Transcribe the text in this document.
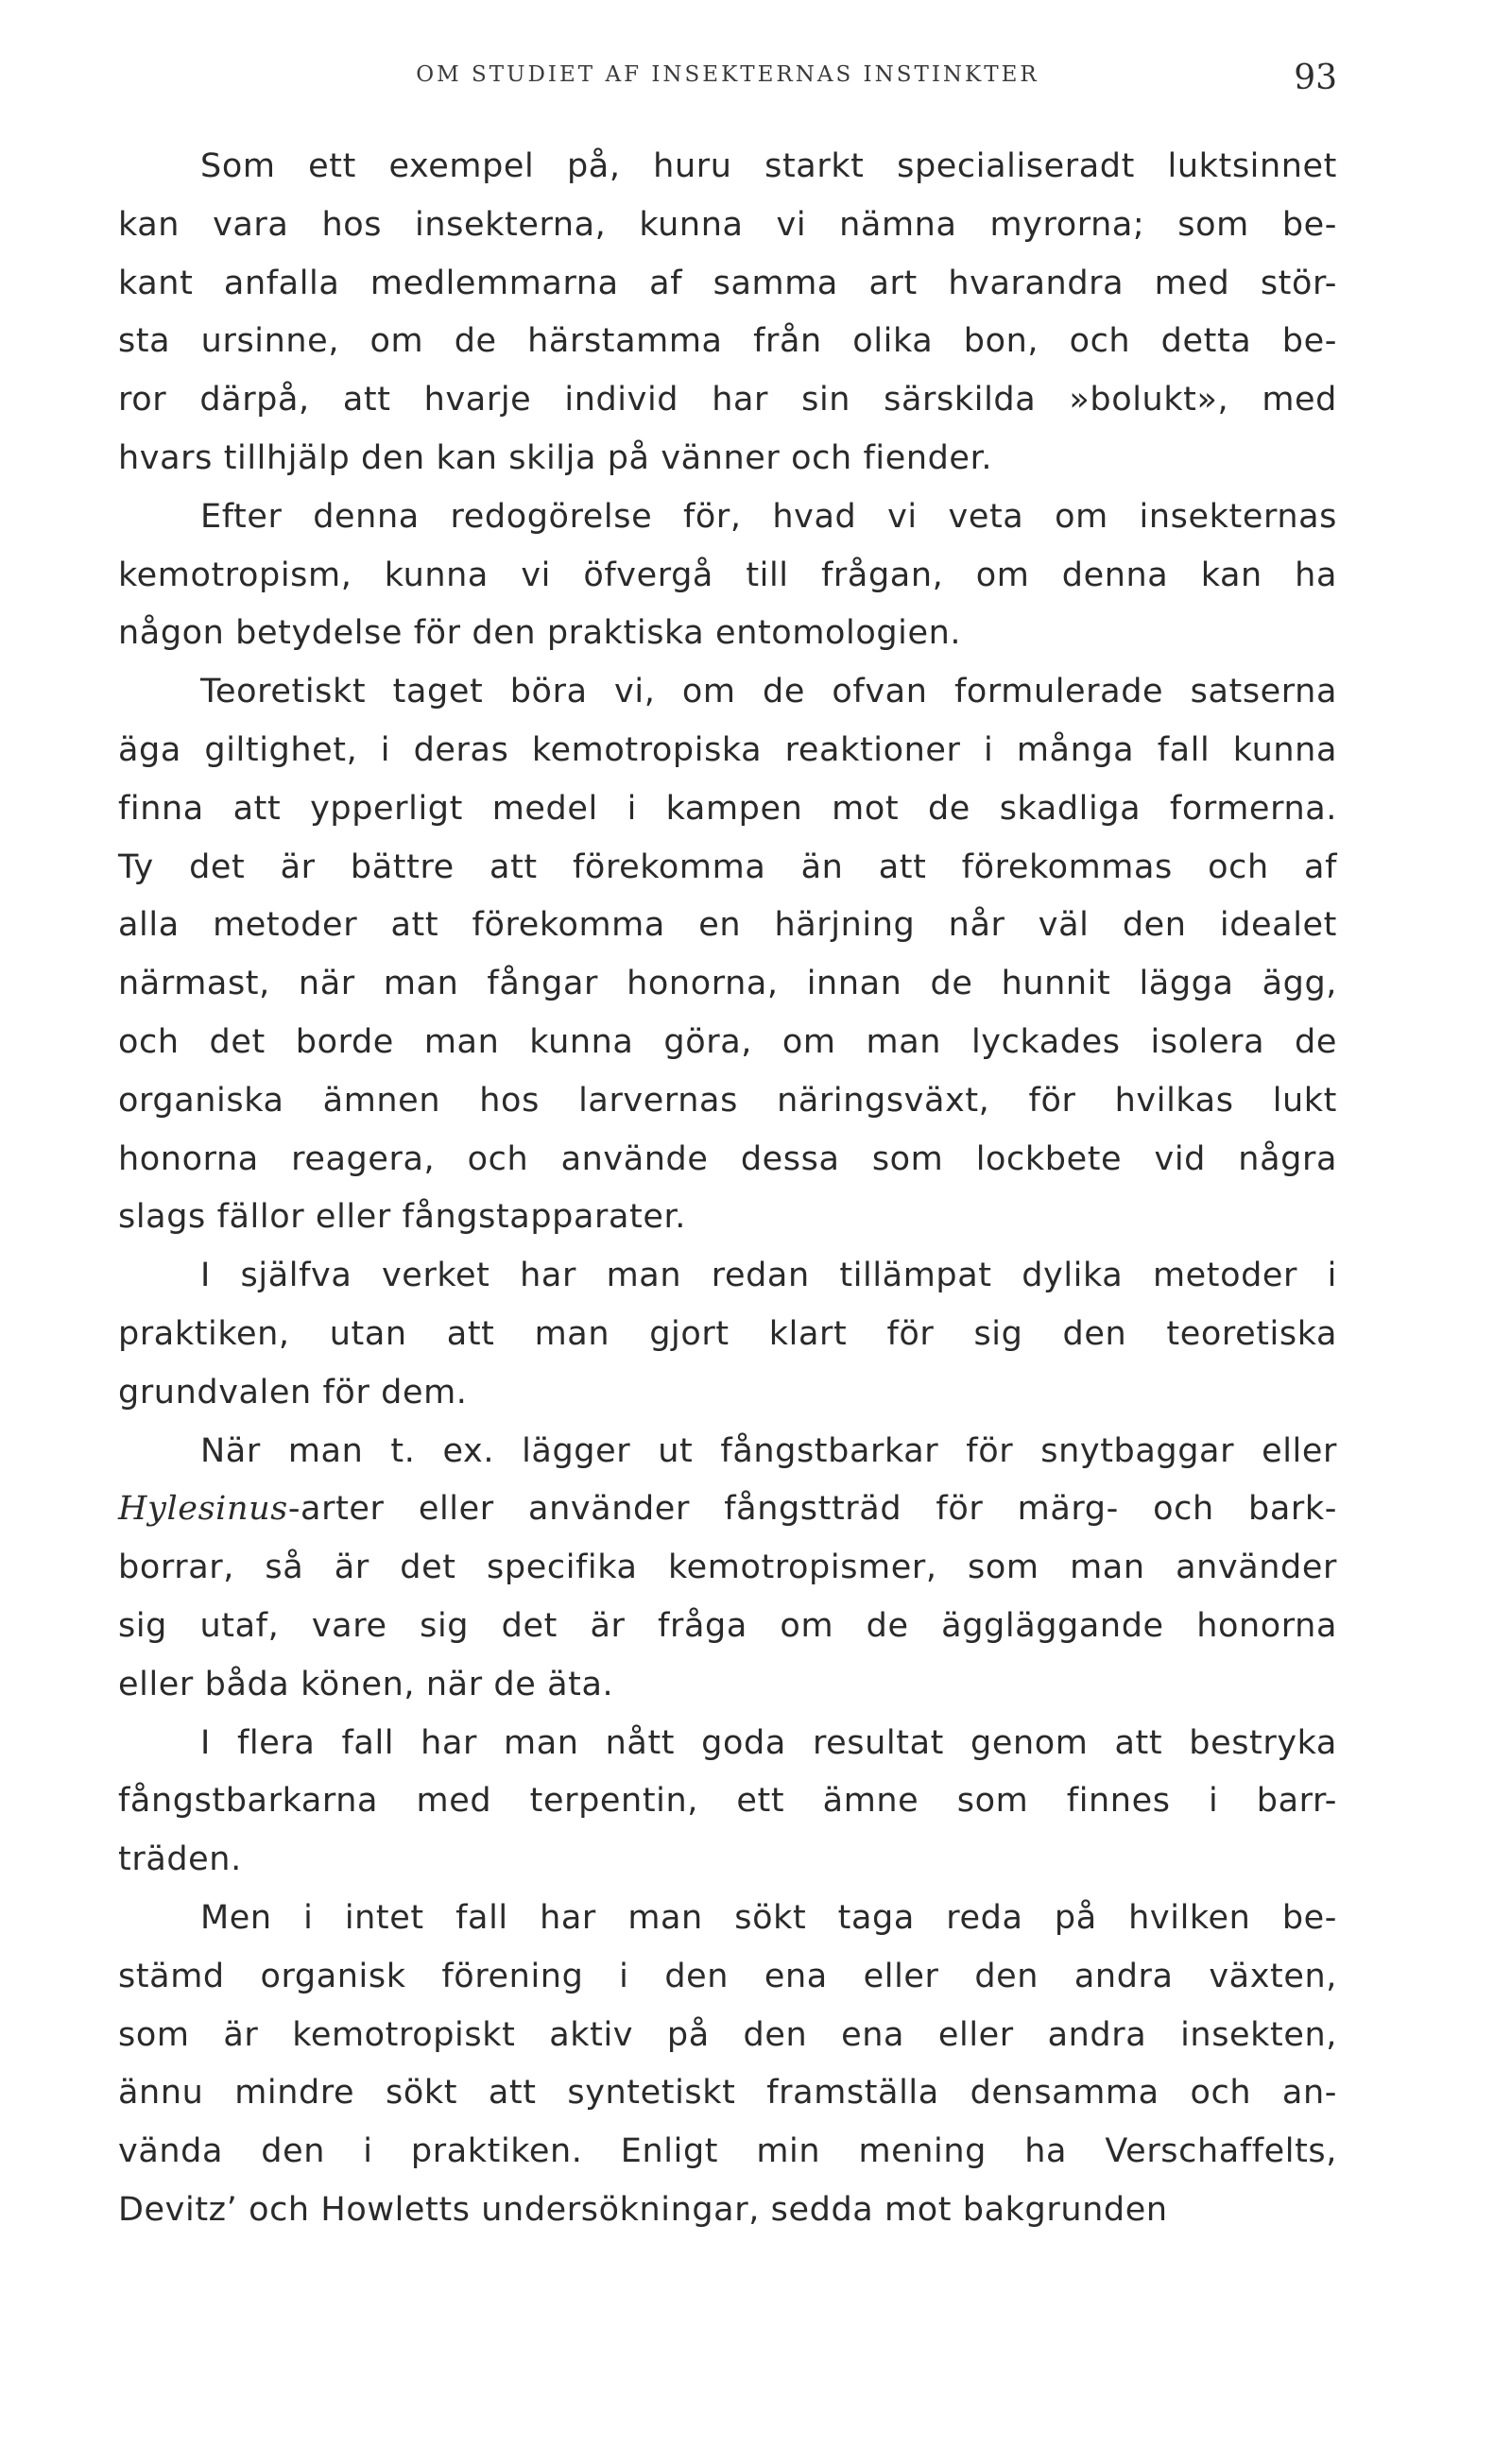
OM STUDIET AF INSEKTERNAS INSTINKTER	93

Som ett exempel på, huru starkt specialiseradt luktsinnet
kan vara hos insekterna, kunna vi nämna myrorna; som be-
kant anfalla medlemmarna af samma art hvarandra med stör-
sta ursinne, om de härstamma från olika bon, och detta be-
ror därpå, att hvarje individ har sin särskilda »bolukt», med
hvars tillhjälp den kan skilja på vänner och fiender.

Efter denna redogörelse för, hvad vi veta om insekternas
kemotropism, kunna vi öfvergå till frågan, om denna kan ha
någon betydelse för den praktiska entomologien.

Teoretiskt taget böra vi, om de ofvan formulerade satserna
äga giltighet, i deras kemotropiska reaktioner i många fall kunna
finna att ypperligt medel i kampen mot de skadliga formerna.
Ty det är bättre att förekomma än att förekommas och af
alla metoder att förekomma en härjning når väl den idealet
närmast, när man fångar honorna, innan de hunnit lägga ägg,
och det borde man kunna göra, om man lyckades isolera de
organiska ämnen hos larvernas näringsväxt, för hvilkas lukt
honorna reagera, och använde dessa som lockbete vid några
slags fällor eller fångstapparater.

I själfva verket har man redan tillämpat dylika metoder i
praktiken, utan att man gjort klart för sig den teoretiska
grundvalen för dem.

När man t. ex. lägger ut fångstbarkar för snytbaggar eller
Hylesinus-arter eller använder fångstträd för märg- och bark-
borrar, så är det specifika kemotropismer, som man använder
sig utaf, vare sig det är fråga om de äggläggande honorna
eller båda könen, när de äta.

I flera fall har man nått goda resultat genom att bestryka
fångstbarkarna med terpentin, ett ämne som finnes i barr-
träden.

Men i intet fall har man sökt taga reda på hvilken be-
stämd organisk förening i den ena eller den andra växten,
som är kemotropiskt aktiv på den ena eller andra insekten,
ännu mindre sökt att syntetiskt framställa densamma och an-
vända den i praktiken. Enligt min mening ha Verschaffelts,
Devitz’ och Howletts undersökningar, sedda mot bakgrunden
